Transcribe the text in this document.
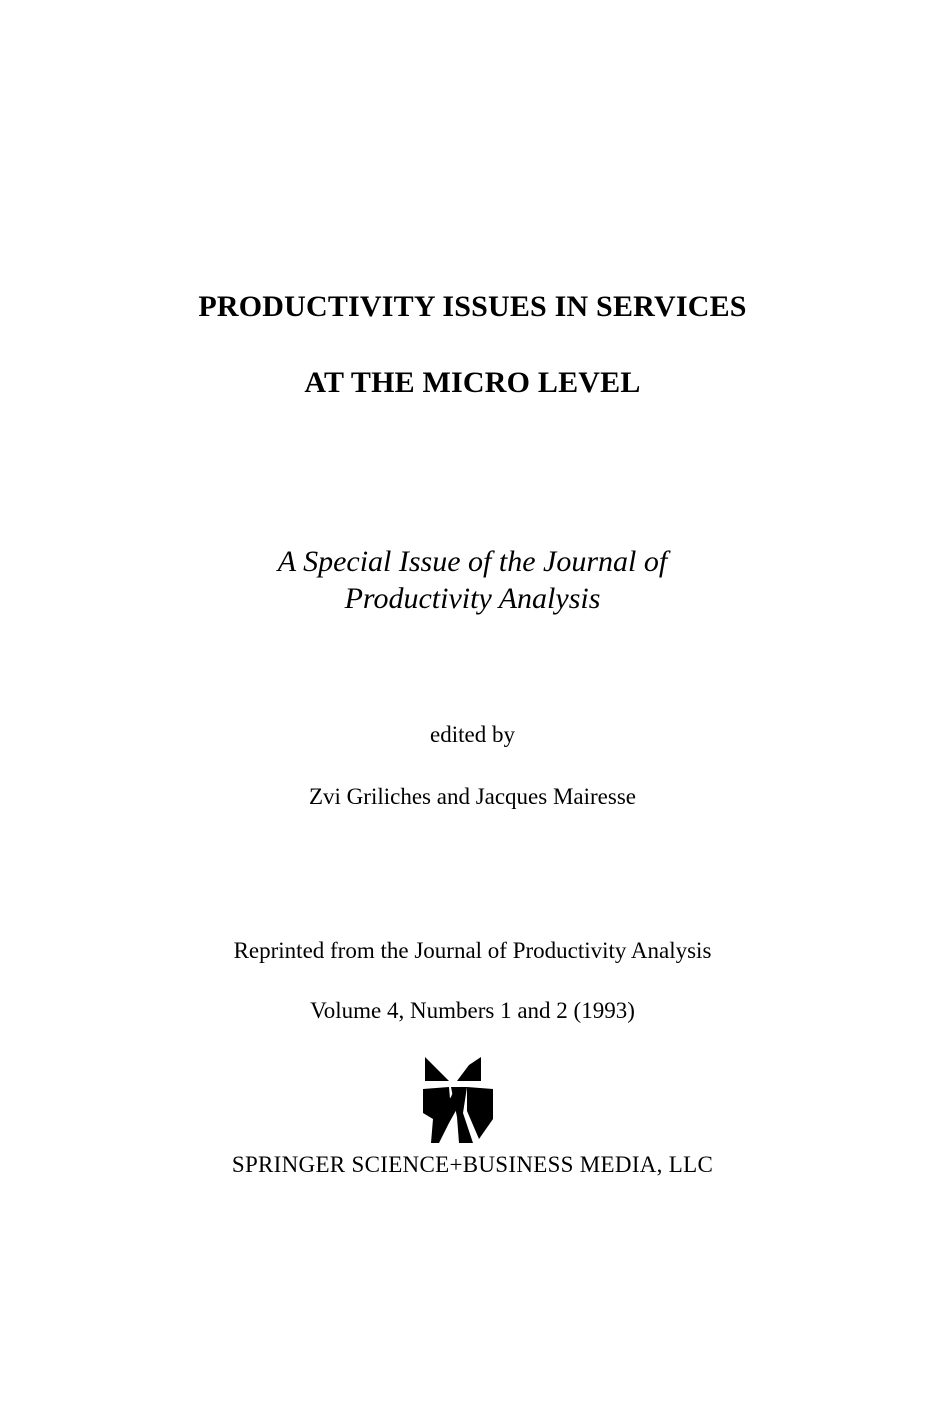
PRODUCTIVITY ISSUES IN SERVICES
AT THE MICRO LEVEL

A Special Issue of the Journal of

Productivity Analysis

edited by

Zvi Griliches and Jacques Mairesse

Reprinted from the Journal of Productivity Analysis

Volume 4, Numbers 1 and 2 (1993)

SPRINGER SCIENCE+BUSINESS MEDIA, LLC
